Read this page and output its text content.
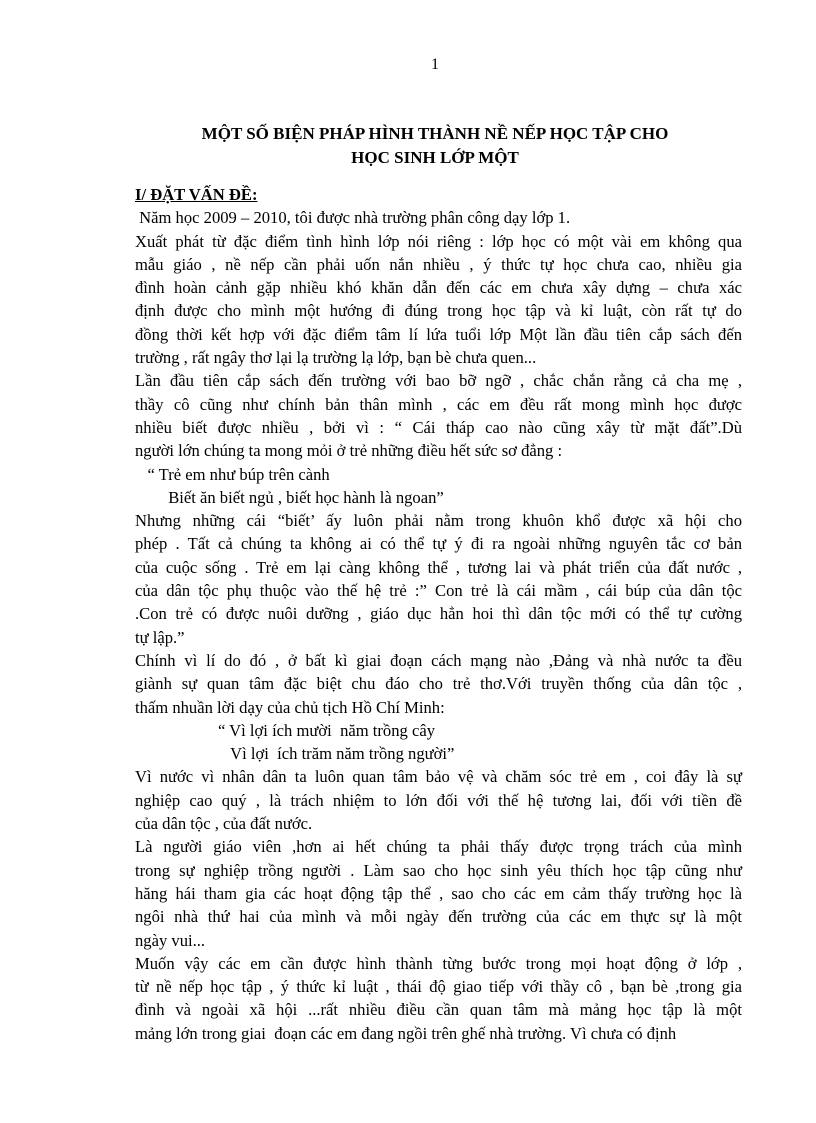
1
MỘT SỐ BIỆN PHÁP HÌNH THÀNH NỀ NẾP HỌC TẬP CHO
HỌC SINH LỚP MỘT

I/ ĐẶT VẤN ĐỀ:

Năm học 2009 – 2010, tôi được nhà trường phân công dạy lớp 1.
Xuất phát từ đặc điểm tình hình lớp nói riêng : lớp học có một vài em không qua
mẫu giáo , nề nếp cần phải uốn nắn nhiều , ý thức tự học chưa cao, nhiều gia
đình hoàn cảnh gặp nhiều khó khăn dẫn đến các em chưa xây dựng – chưa xác
định được cho mình một hướng đi đúng trong học tập và kỉ luật, còn rất tự do
đồng thời kết hợp với đặc điểm tâm lí lứa tuổi lớp Một lần đầu tiên cắp sách đến
trường , rất ngây thơ lại lạ trường lạ lớp, bạn bè chưa quen...
Lần đầu tiên cắp sách đến trường với bao bỡ ngỡ , chắc chắn rằng cả cha mẹ ,
thầy cô cũng như chính bản thân mình , các em đều rất mong mình học được
nhiều biết được nhiều , bởi vì : “ Cái tháp cao nào cũng xây từ mặt đất”.Dù
người lớn chúng ta mong mỏi ở trẻ những điều hết sức sơ đẳng :
“ Trẻ em như búp trên cành
Biết ăn biết ngủ , biết học hành là ngoan”
Nhưng những cái “biết’ ấy luôn phải nằm trong khuôn khổ được xã hội cho
phép . Tất cả chúng ta không ai có thể tự ý đi ra ngoài những nguyên tắc cơ bản
của cuộc sống . Trẻ em lại càng không thể , tương lai và phát triển của đất nước ,
của dân tộc phụ thuộc vào thế hệ trẻ :” Con trẻ là cái mầm , cái búp của dân tộc
.Con trẻ có được nuôi dưỡng , giáo dục hẳn hoi thì dân tộc mới có thể tự cường
tự lập.”
Chính vì lí do đó , ở bất kì giai đoạn cách mạng nào ,Đảng và nhà nước ta đều
giành sự quan tâm đặc biệt chu đáo cho trẻ thơ.Với truyền thống của dân tộc ,
thấm nhuần lời dạy của chủ tịch Hồ Chí Minh:
“ Vì lợi ích mười  năm trồng cây
Vì lợi  ích trăm năm trồng người”
Vì nước vì nhân dân ta luôn quan tâm bảo vệ và chăm sóc trẻ em , coi đây là sự
nghiệp cao quý , là trách nhiệm to lớn đối với thế hệ tương lai, đối với tiền đề
của dân tộc , của đất nước.
Là người giáo viên ,hơn ai hết chúng ta phải thấy được trọng trách của mình
trong sự nghiệp trồng người . Làm sao cho học sinh yêu thích học tập cũng như
hăng hái tham gia các hoạt động tập thể , sao cho các em cảm thấy trường học là
ngôi nhà thứ hai của mình và mỗi ngày đến trường của các em thực sự là một
ngày vui...
Muốn vậy các em cần được hình thành từng bước trong mọi hoạt động ở lớp ,
từ nề nếp học tập , ý thức kỉ luật , thái độ giao tiếp với thầy cô , bạn bè ,trong gia
đình và ngoài xã hội ...rất nhiều điều cần quan tâm mà mảng học tập là một
mảng lớn trong giai  đoạn các em đang ngồi trên ghế nhà trường. Vì chưa có định
